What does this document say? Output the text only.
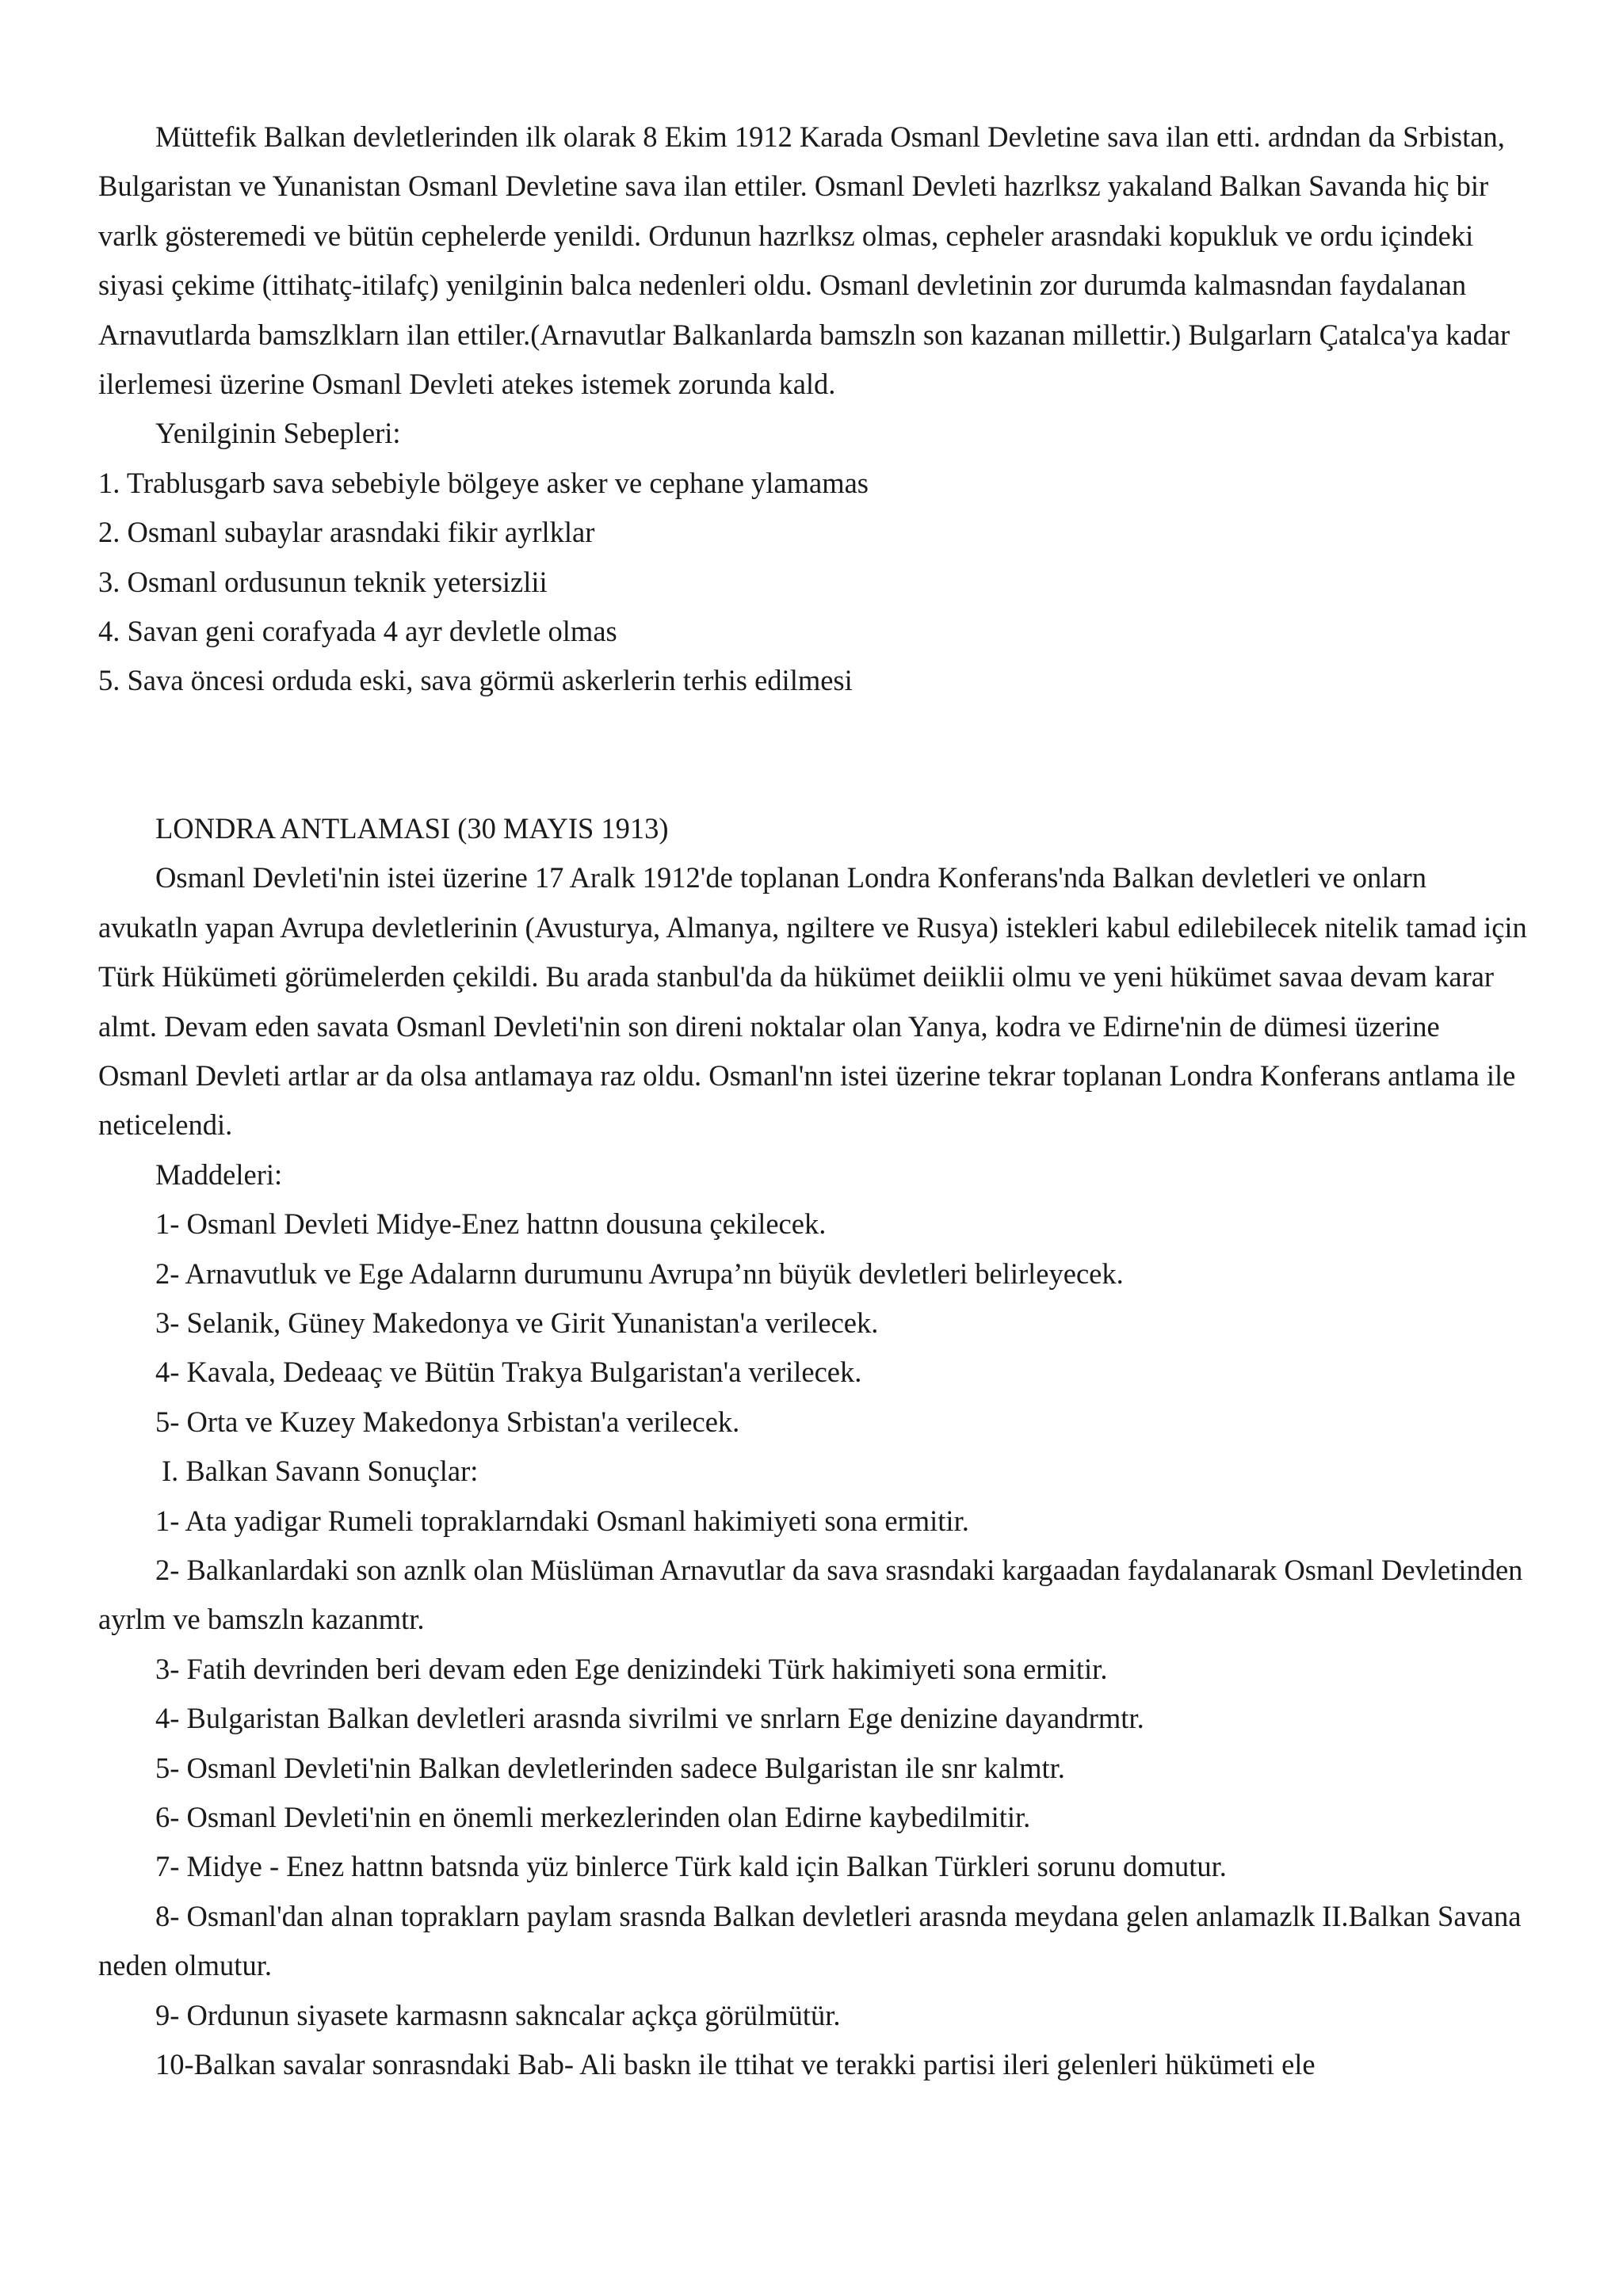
Müttefik Balkan devletlerinden ilk olarak 8 Ekim 1912 Karada Osmanl Devletine sava ilan etti. ardndan da Srbistan, Bulgaristan ve Yunanistan Osmanl Devletine sava ilan ettiler. Osmanl Devleti hazrlksz yakaland Balkan Savanda hiç bir varlk gösteremedi ve bütün cephelerde yenildi. Ordunun hazrlksz olmas, cepheler arasndaki kopukluk ve ordu içindeki siyasi çekime (ittihatç-itilafç) yenilginin balca nedenleri oldu. Osmanl devletinin zor durumda kalmasndan faydalanan Arnavutlarda bamszlklarn ilan ettiler.(Arnavutlar Balkanlarda bamszln son kazanan millettir.) Bulgarlarn Çatalca'ya kadar ilerlemesi üzerine Osmanl Devleti atekes istemek zorunda kald.

Yenilginin Sebepleri:

1. Trablusgarb sava sebebiyle bölgeye asker ve cephane ylamamas

2. Osmanl subaylar arasndaki fikir ayrlklar

3. Osmanl ordusunun teknik yetersizlii

4. Savan geni corafyada 4 ayr devletle olmas

5. Sava öncesi orduda eski, sava görmü askerlerin terhis edilmesi

LONDRA ANTLAMASI (30 MAYIS 1913)

Osmanl Devleti'nin istei üzerine 17 Aralk 1912'de toplanan Londra Konferans'nda Balkan devletleri ve onlarn avukatln yapan Avrupa devletlerinin (Avusturya, Almanya, ngiltere ve Rusya) istekleri kabul edilebilecek nitelik tamad için Türk Hükümeti görümelerden çekildi. Bu arada stanbul'da da hükümet deiiklii olmu ve yeni hükümet savaa devam karar almt. Devam eden savata Osmanl Devleti'nin son direni noktalar olan Yanya, kodra ve Edirne'nin de dümesi üzerine Osmanl Devleti artlar ar da olsa antlamaya raz oldu. Osmanl'nn istei üzerine tekrar toplanan Londra Konferans antlama ile neticelendi.

Maddeleri:

1- Osmanl Devleti Midye-Enez hattnn dousuna çekilecek.

2- Arnavutluk ve Ege Adalarnn durumunu Avrupa’nn büyük devletleri belirleyecek.

3- Selanik, Güney Makedonya ve Girit Yunanistan'a verilecek.

4- Kavala, Dedeaaç ve Bütün Trakya Bulgaristan'a verilecek.

5- Orta ve Kuzey Makedonya Srbistan'a verilecek.

I. Balkan Savann Sonuçlar:

1- Ata yadigar Rumeli topraklarndaki Osmanl hakimiyeti sona ermitir.

2- Balkanlardaki son aznlk olan Müslüman Arnavutlar da sava srasndaki kargaadan faydalanarak Osmanl Devletinden ayrlm ve bamszln kazanmtr.

3- Fatih devrinden beri devam eden Ege denizindeki Türk hakimiyeti sona ermitir.

4- Bulgaristan Balkan devletleri arasnda sivrilmi ve snrlarn Ege denizine dayandrmtr.

5- Osmanl Devleti'nin Balkan devletlerinden sadece Bulgaristan ile snr kalmtr.

6- Osmanl Devleti'nin en önemli merkezlerinden olan Edirne kaybedilmitir.

7- Midye - Enez hattnn batsnda yüz binlerce Türk kald için Balkan Türkleri sorunu domutur.

8- Osmanl'dan alnan topraklarn paylam srasnda Balkan devletleri arasnda meydana gelen anlamazlk II.Balkan Savana neden olmutur.

9- Ordunun siyasete karmasnn sakncalar açkça görülmütür.

10-Balkan savalar sonrasndaki Bab- Ali baskn ile ttihat ve terakki partisi ileri gelenleri hükümeti ele
